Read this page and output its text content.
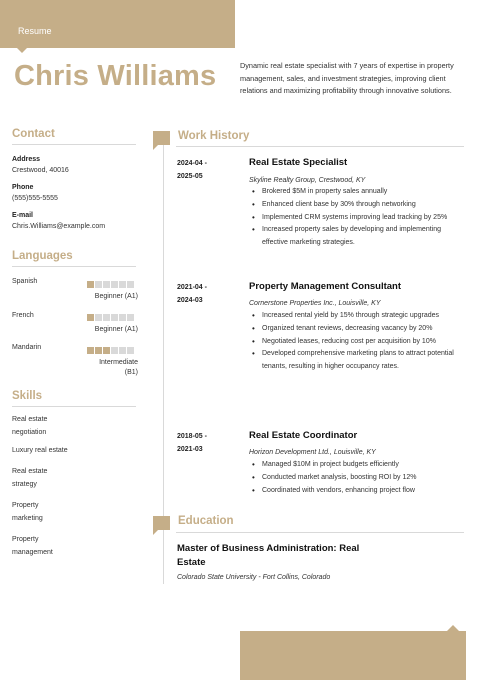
Resume
Chris Williams	Dynamic real estate specialist with 7 years of expertise in property management, sales, and investment strategies, improving client relations and maximizing profitability through innovative solutions.
Contact
Address
Crestwood, 40016
Phone
(555)555-5555
E-mail
Chris.Williams@example.com
Languages
Spanish
Beginner (A1)
French
Beginner (A1)
Mandarin
Intermediate
(B1)
Skills
Real estate
negotiation
Luxury real estate
Real estate
strategy
Property
marketing
Property
management
Work History
2024-04 -
2025-05
Real Estate Specialist
Skyline Realty Group, Crestwood, KY
• Brokered $5M in property sales annually
• Enhanced client base by 30% through networking
• Implemented CRM systems improving lead tracking by 25%
• Increased property sales by developing and implementing effective marketing strategies.
2021-04 -
2024-03
Property Management Consultant
Cornerstone Properties Inc., Louisville, KY
• Increased rental yield by 15% through strategic upgrades
• Organized tenant reviews, decreasing vacancy by 20%
• Negotiated leases, reducing cost per acquisition by 10%
• Developed comprehensive marketing plans to attract potential tenants, resulting in higher occupancy rates.
2018-05 -
2021-03
Real Estate Coordinator
Horizon Development Ltd., Louisville, KY
• Managed $10M in project budgets efficiently
• Conducted market analysis, boosting ROI by 12%
• Coordinated with vendors, enhancing project flow
Education
Master of Business Administration: Real Estate
Colorado State University - Fort Collins, Colorado
